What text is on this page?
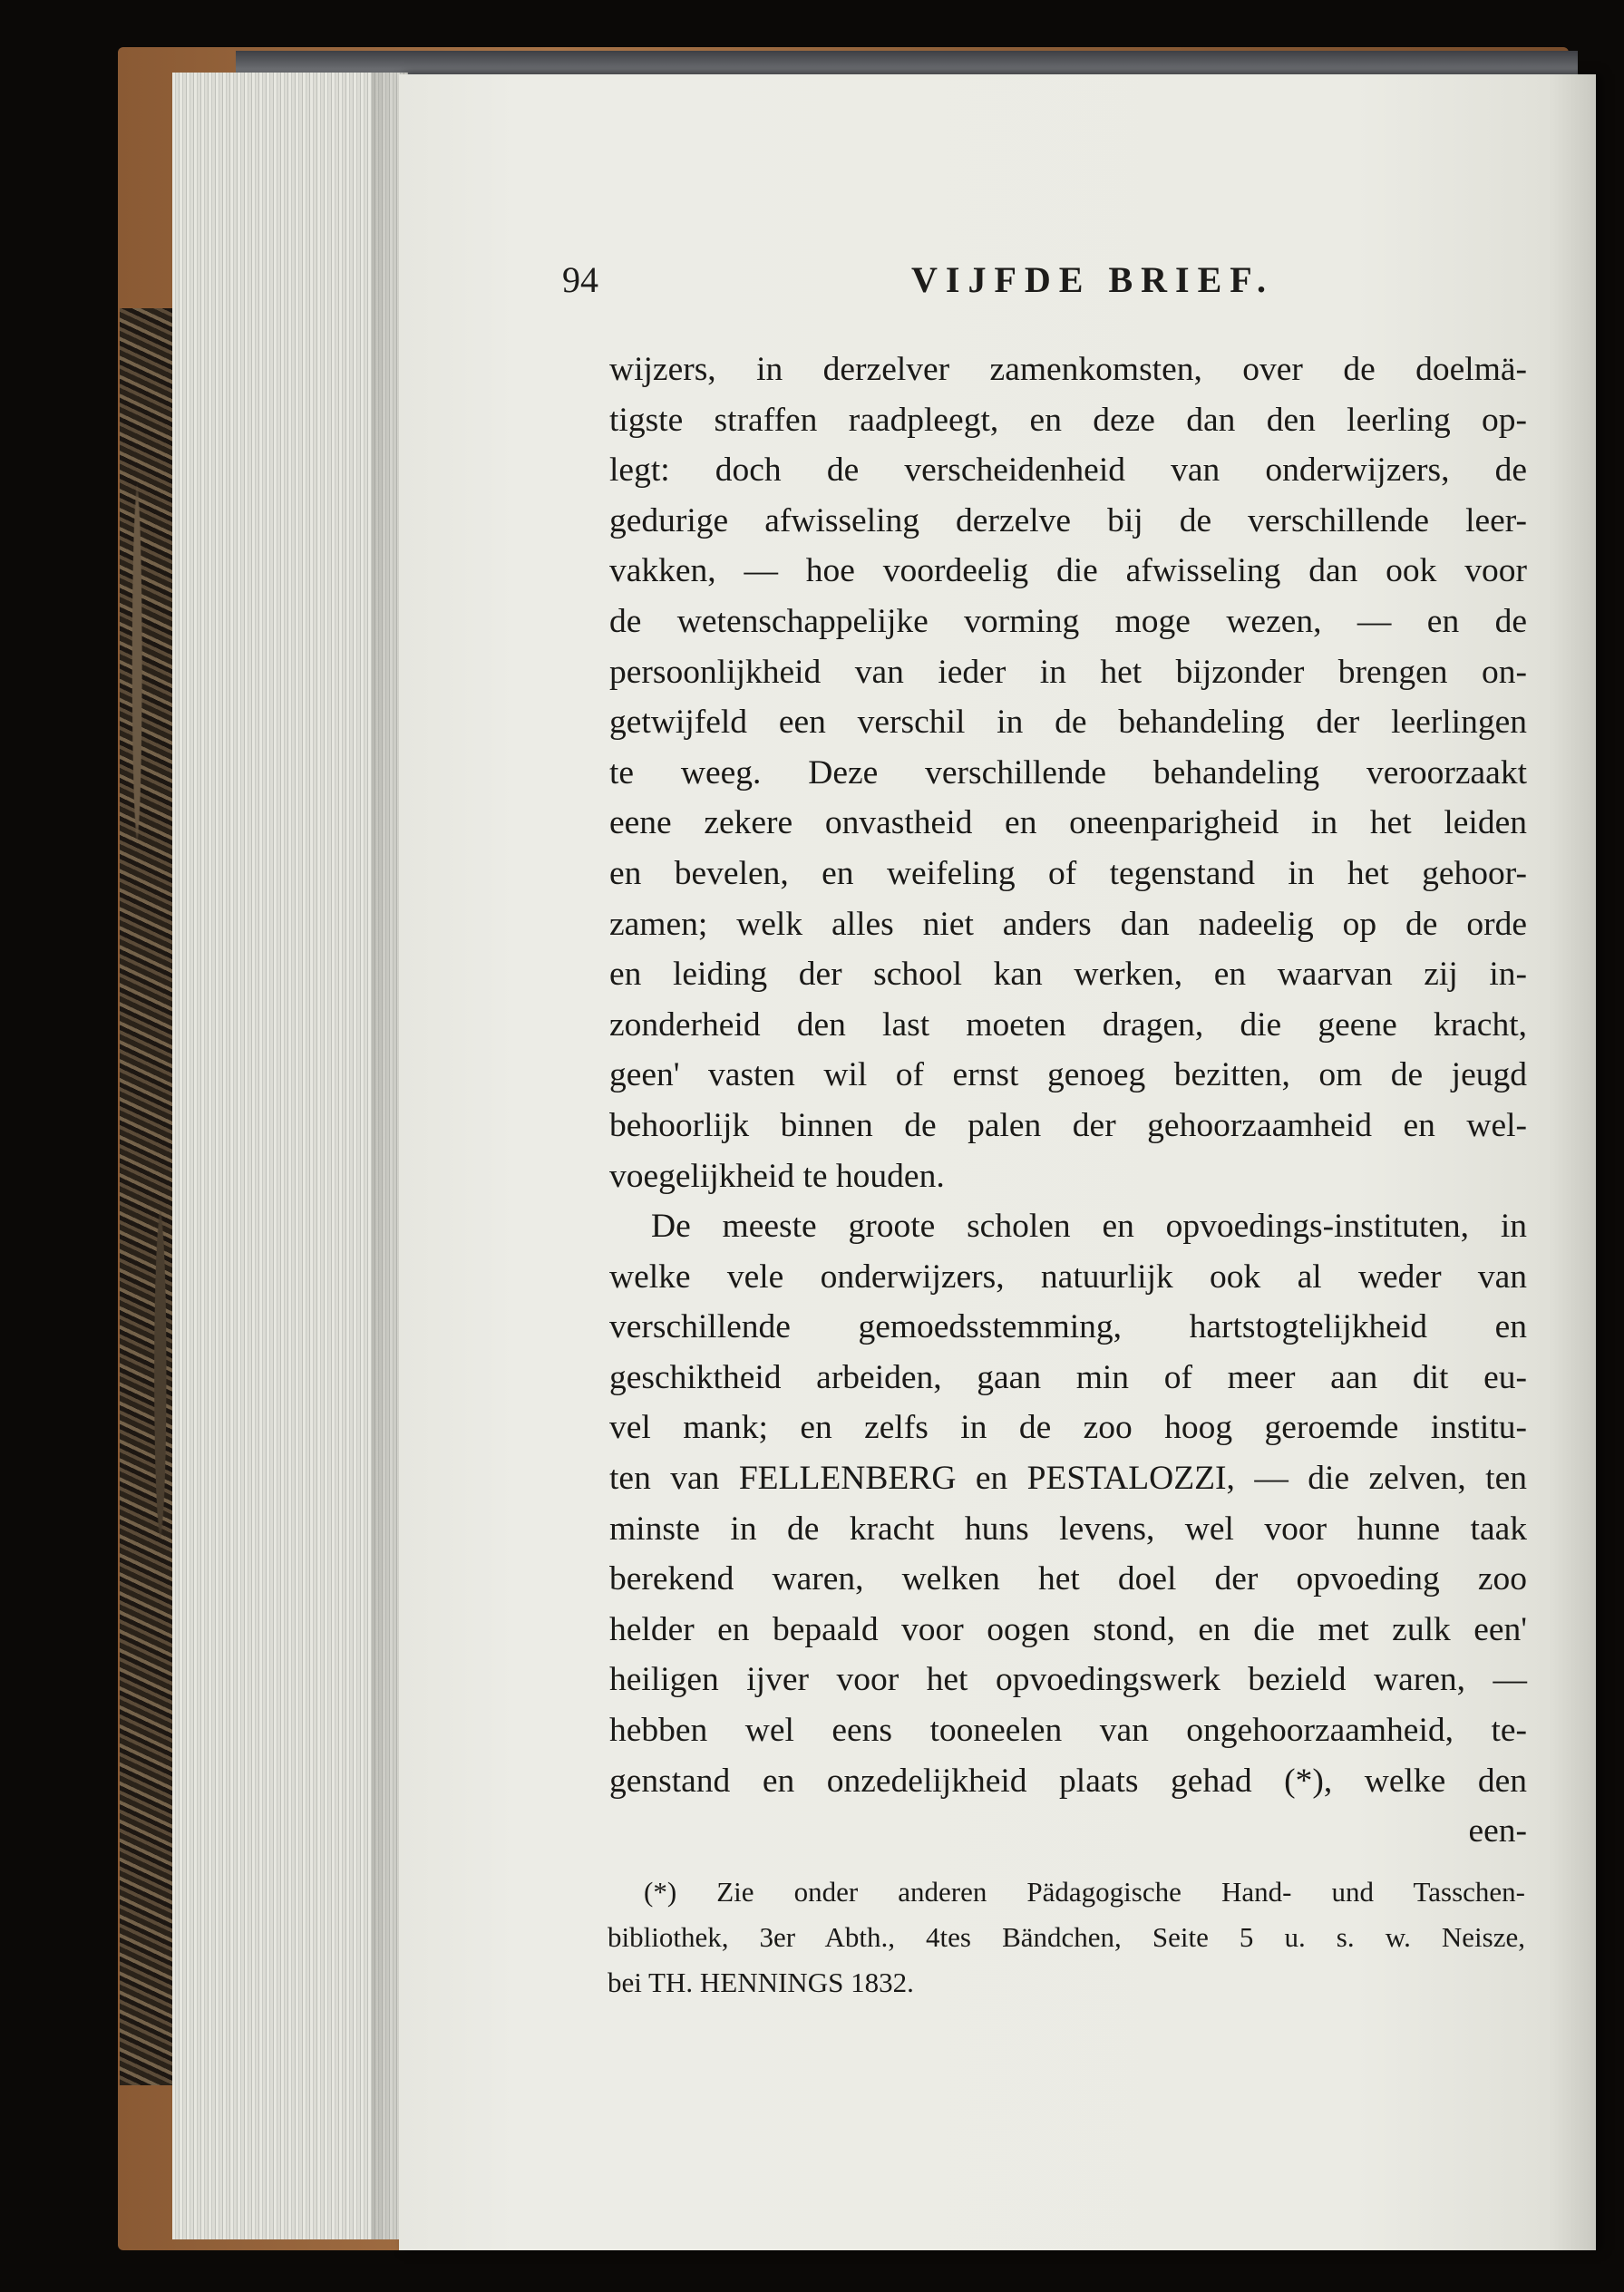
94	VIJFDE BRIEF.
wijzers, in derzelver zamenkomsten, over de doelmä-
tigste straffen raadpleegt, en deze dan den leerling op-
legt: doch de verscheidenheid van onderwijzers, de
gedurige afwisseling derzelve bij de verschillende leer-
vakken, — hoe voordeelig die afwisseling dan ook voor
de wetenschappelijke vorming moge wezen, — en de
persoonlijkheid van ieder in het bijzonder brengen on-
getwijfeld een verschil in de behandeling der leerlingen
te weeg. Deze verschillende behandeling veroorzaakt
eene zekere onvastheid en oneenparigheid in het leiden
en bevelen, en weifeling of tegenstand in het gehoor-
zamen; welk alles niet anders dan nadeelig op de orde
en leiding der school kan werken, en waarvan zij in-
zonderheid den last moeten dragen, die geene kracht,
geen' vasten wil of ernst genoeg bezitten, om de jeugd
behoorlijk binnen de palen der gehoorzaamheid en wel-
voegelijkheid te houden.
De meeste groote scholen en opvoedings-instituten, in
welke vele onderwijzers, natuurlijk ook al weder van
verschillende gemoedsstemming, hartstogtelijkheid en
geschiktheid arbeiden, gaan min of meer aan dit eu-
vel mank; en zelfs in de zoo hoog geroemde institu-
ten van FELLENBERG en PESTALOZZI, — die zelven, ten
minste in de kracht huns levens, wel voor hunne taak
berekend waren, welken het doel der opvoeding zoo
helder en bepaald voor oogen stond, en die met zulk een'
heiligen ijver voor het opvoedingswerk bezield waren, —
hebben wel eens tooneelen van ongehoorzaamheid, te-
genstand en onzedelijkheid plaats gehad (*), welke den
een-
(*) Zie onder anderen Pädagogische Hand- und Tasschen-
bibliothek, 3er Abth., 4tes Bändchen, Seite 5 u. s. w. Neisze,
bei TH. HENNINGS 1832.
